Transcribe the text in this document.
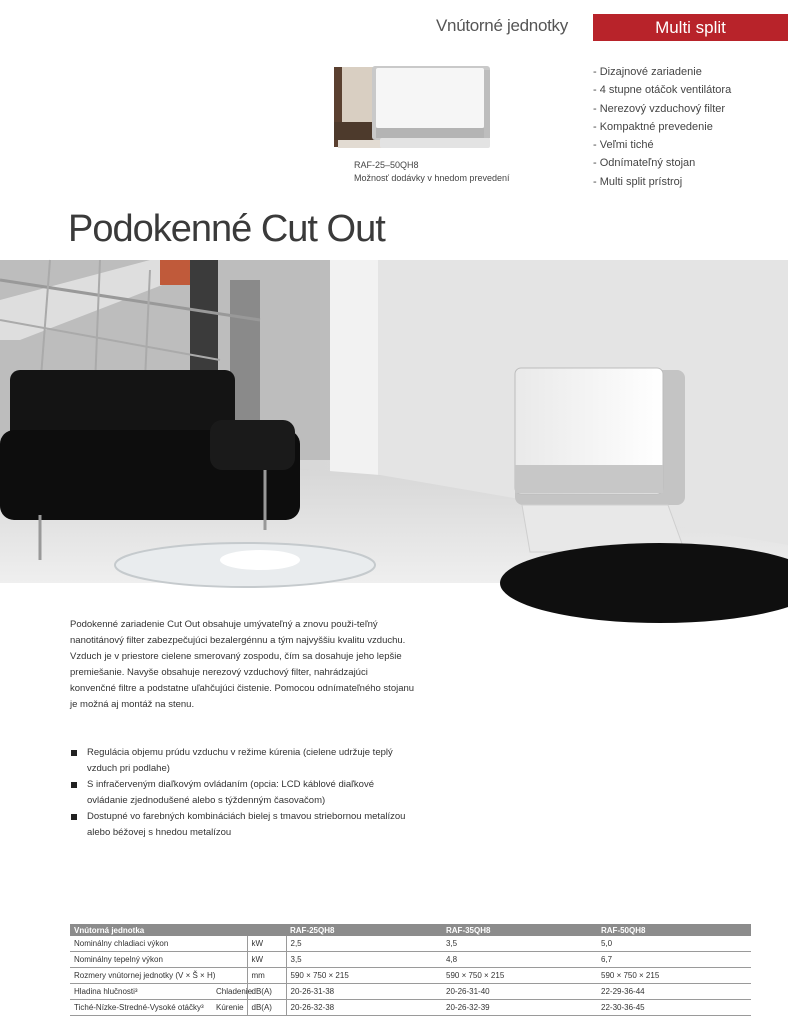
Vnútorné jednotky	Multi split
RAF-25–50QH8
Možnosť dodávky v hnedom prevedení
- Dizajnové zariadenie
- 4 stupne otáčok ventilátora
- Nerezový vzduchový filter
- Kompaktné prevedenie
- Veľmi tiché
- Odnímateľný stojan
- Multi split prístroj
Podokenné Cut Out

Podokenné zariadenie Cut Out obsahuje umývateľný a znovu použi-teľný nanotitánový filter zabezpečujúci bezalergénnu a tým najvyššiu kvalitu vzduchu. Vzduch je v priestore cielene smerovaný zospodu, čím sa dosahuje jeho lepšie premiešanie. Navyše obsahuje nerezový vzduchový filter, nahrádzajúci konvenčné filtre a podstatne uľahčujúci čistenie. Pomocou odnímateľného stojanu je možná aj montáž na stenu.

Regulácia objemu prúdu vzduchu v režime kúrenia (cielene udržuje teplý vzduch pri podlahe)
S infračerveným diaľkovým ovládaním (opcia: LCD káblové diaľkové ovládanie zjednodušené alebo s týždenným časovačom)
Dostupné vo farebných kombináciách bielej s tmavou striebornou metalízou alebo béžovej s hnedou metalízou
Vnútorná jednotka			RAF-25QH8	RAF-35QH8	RAF-50QH8
Nominálny chladiaci výkon		kW	2,5	3,5	5,0
Nominálny tepelný výkon		kW	3,5	4,8	6,7
Rozmery vnútornej jednotky (V × Š × H)		mm	590 × 750 × 215	590 × 750 × 215	590 × 750 × 215
Hladina hlučnosti³	Chladenie	dB(A)	20-26-31-38	20-26-31-40	22-29-36-44
Tiché-Nízke-Stredné-Vysoké otáčky³	Kúrenie	dB(A)	20-26-32-38	20-26-32-39	22-30-36-45
